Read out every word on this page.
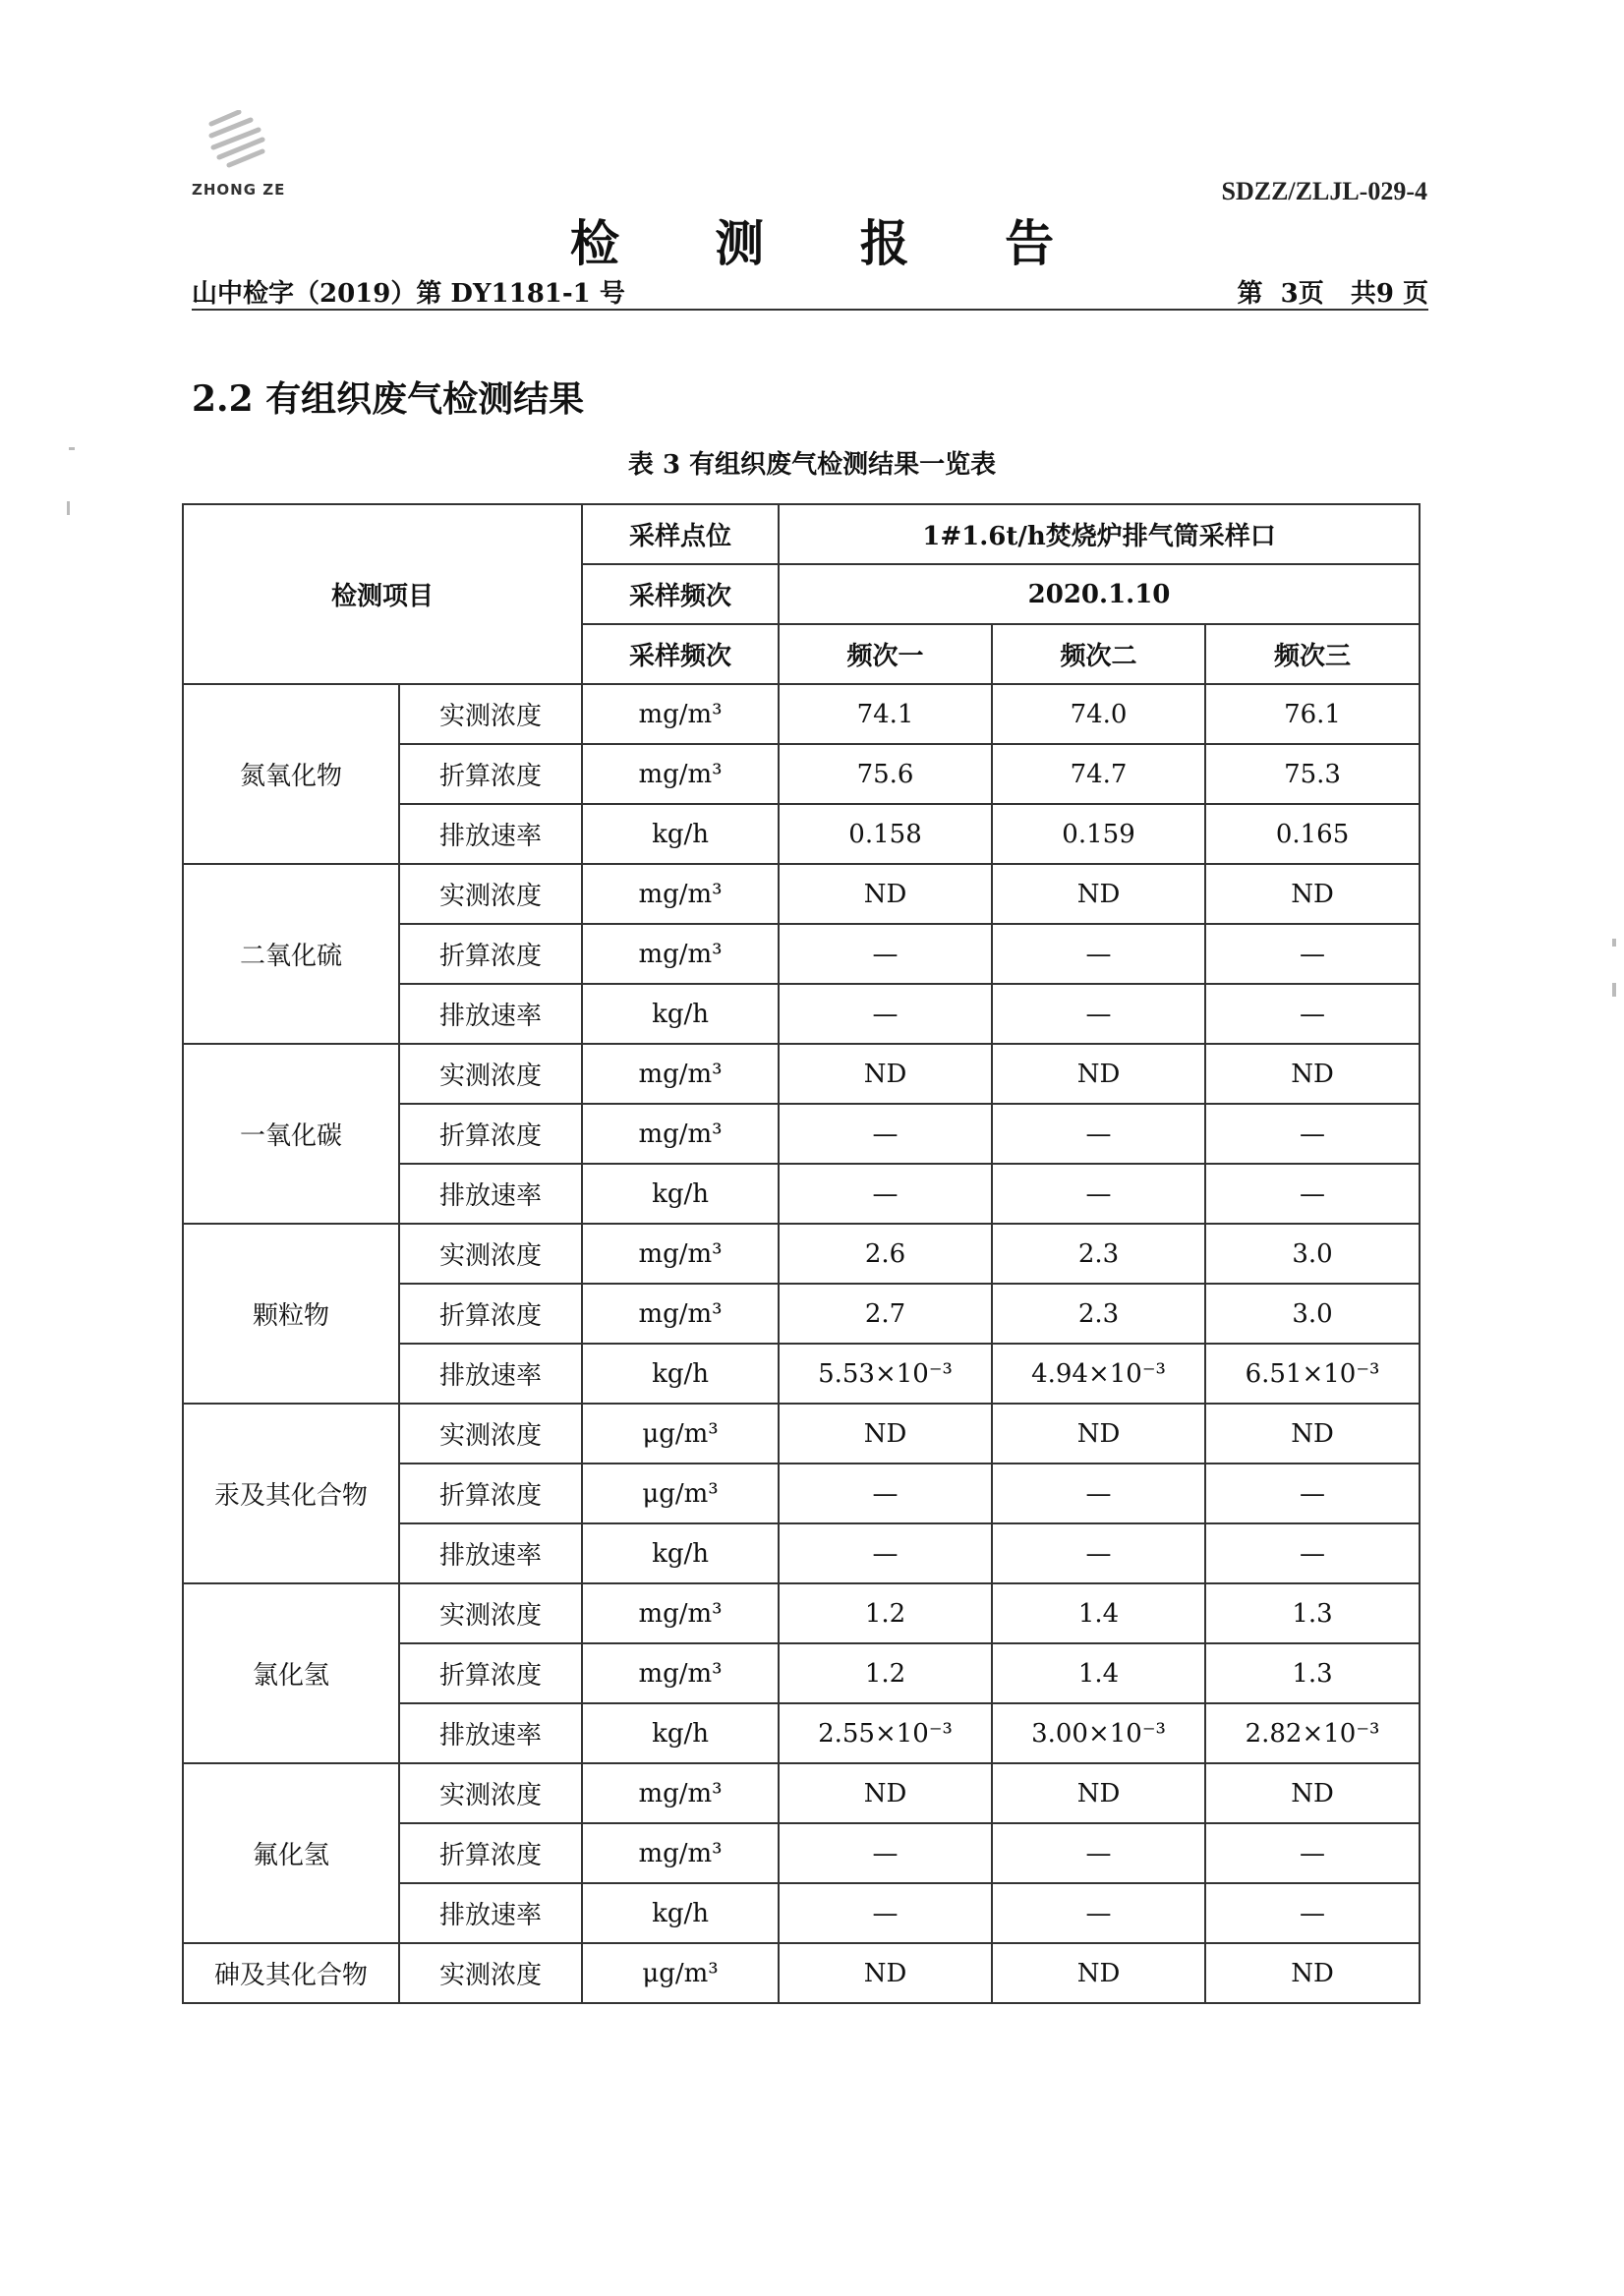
ZHONG ZE	SDZZ/ZLJL-029-4
检 测 报 告
山中检字（2019）第 DY1181-1 号	第  3页   共9 页
2.2 有组织废气检测结果
表 3 有组织废气检测结果一览表
检测项目		采样点位	1#1.6t/h焚烧炉排气筒采样口		
		采样频次	2020.1.10		
		采样频次	频次一	频次二	频次三
氮氧化物	实测浓度	mg/m³	74.1	74.0	76.1
	折算浓度	mg/m³	75.6	74.7	75.3
	排放速率	kg/h	0.158	0.159	0.165
二氧化硫	实测浓度	mg/m³	ND	ND	ND
	折算浓度	mg/m³	—	—	—
	排放速率	kg/h	—	—	—
一氧化碳	实测浓度	mg/m³	ND	ND	ND
	折算浓度	mg/m³	—	—	—
	排放速率	kg/h	—	—	—
颗粒物	实测浓度	mg/m³	2.6	2.3	3.0
	折算浓度	mg/m³	2.7	2.3	3.0
	排放速率	kg/h	5.53×10⁻³	4.94×10⁻³	6.51×10⁻³
汞及其化合物	实测浓度	μg/m³	ND	ND	ND
	折算浓度	μg/m³	—	—	—
	排放速率	kg/h	—	—	—
氯化氢	实测浓度	mg/m³	1.2	1.4	1.3
	折算浓度	mg/m³	1.2	1.4	1.3
	排放速率	kg/h	2.55×10⁻³	3.00×10⁻³	2.82×10⁻³
氟化氢	实测浓度	mg/m³	ND	ND	ND
	折算浓度	mg/m³	—	—	—
	排放速率	kg/h	—	—	—
砷及其化合物	实测浓度	μg/m³	ND	ND	ND
